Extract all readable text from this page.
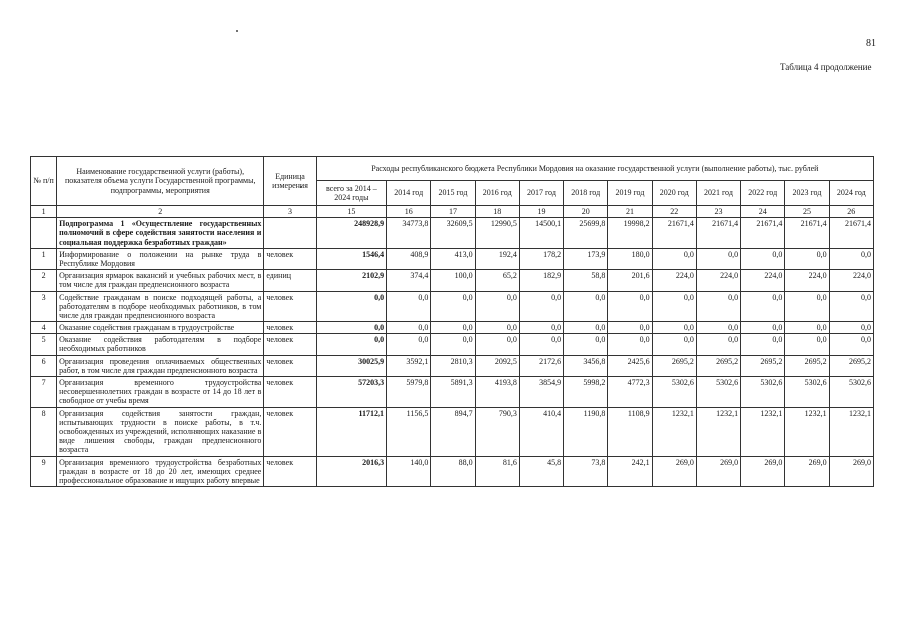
81
Таблица 4 продолжение
№ п/п	Наименование государственной услуги (работы), показателя объема услуги Государственной программы, подпрограммы, мероприятия	Единица измерения	Расходы республиканского бюджета Республики Мордовия на оказание государственной услуги (выполнение работы), тыс. рублей											
			всего за 2014 – 2024 годы	2014 год	2015 год	2016 год	2017 год	2018 год	2019 год	2020 год	2021 год	2022 год	2023 год	2024 год
1	2	3	15	16	17	18	19	20	21	22	23	24	25	26
	Подпрограмма 1 «Осуществление государственных полномочий в сфере содействия занятости населения и социальная поддержка безработных граждан»		248928,9	34773,8	32609,5	12990,5	14500,1	25699,8	19998,2	21671,4	21671,4	21671,4	21671,4	21671,4
1	Информирование о положении на рынке труда в Республике Мордовия	человек	1546,4	408,9	413,0	192,4	178,2	173,9	180,0	0,0	0,0	0,0	0,0	0,0
2	Организация ярмарок вакансий и учебных рабочих мест, в том числе для граждан предпенсионного возраста	единиц	2102,9	374,4	100,0	65,2	182,9	58,8	201,6	224,0	224,0	224,0	224,0	224,0
3	Содействие гражданам в поиске подходящей работы, а работодателям в подборе необходимых работников, в том числе для граждан предпенсионного возраста	человек	0,0	0,0	0,0	0,0	0,0	0,0	0,0	0,0	0,0	0,0	0,0	0,0
4	Оказание содействия гражданам в трудоустройстве	человек	0,0	0,0	0,0	0,0	0,0	0,0	0,0	0,0	0,0	0,0	0,0	0,0
5	Оказание содействия работодателям в подборе необходимых работников	человек	0,0	0,0	0,0	0,0	0,0	0,0	0,0	0,0	0,0	0,0	0,0	0,0
6	Организация проведения оплачиваемых общественных работ, в том числе для граждан предпенсионного возраста	человек	30025,9	3592,1	2810,3	2092,5	2172,6	3456,8	2425,6	2695,2	2695,2	2695,2	2695,2	2695,2
7	Организация временного трудоустройства несовершеннолетних граждан в возрасте от 14 до 18 лет в свободное от учебы время	человек	57203,3	5979,8	5891,3	4193,8	3854,9	5998,2	4772,3	5302,6	5302,6	5302,6	5302,6	5302,6
8	Организация содействия занятости граждан, испытывающих трудности в поиске работы, в т.ч. освобожденных из учреждений, исполняющих наказание в виде лишения свободы, граждан предпенсионного возраста	человек	11712,1	1156,5	894,7	790,3	410,4	1190,8	1108,9	1232,1	1232,1	1232,1	1232,1	1232,1
9	Организация временного трудоустройства безработных граждан в возрасте от 18 до 20 лет, имеющих среднее профессиональное образование и ищущих работу впервые	человек	2016,3	140,0	88,0	81,6	45,8	73,8	242,1	269,0	269,0	269,0	269,0	269,0
